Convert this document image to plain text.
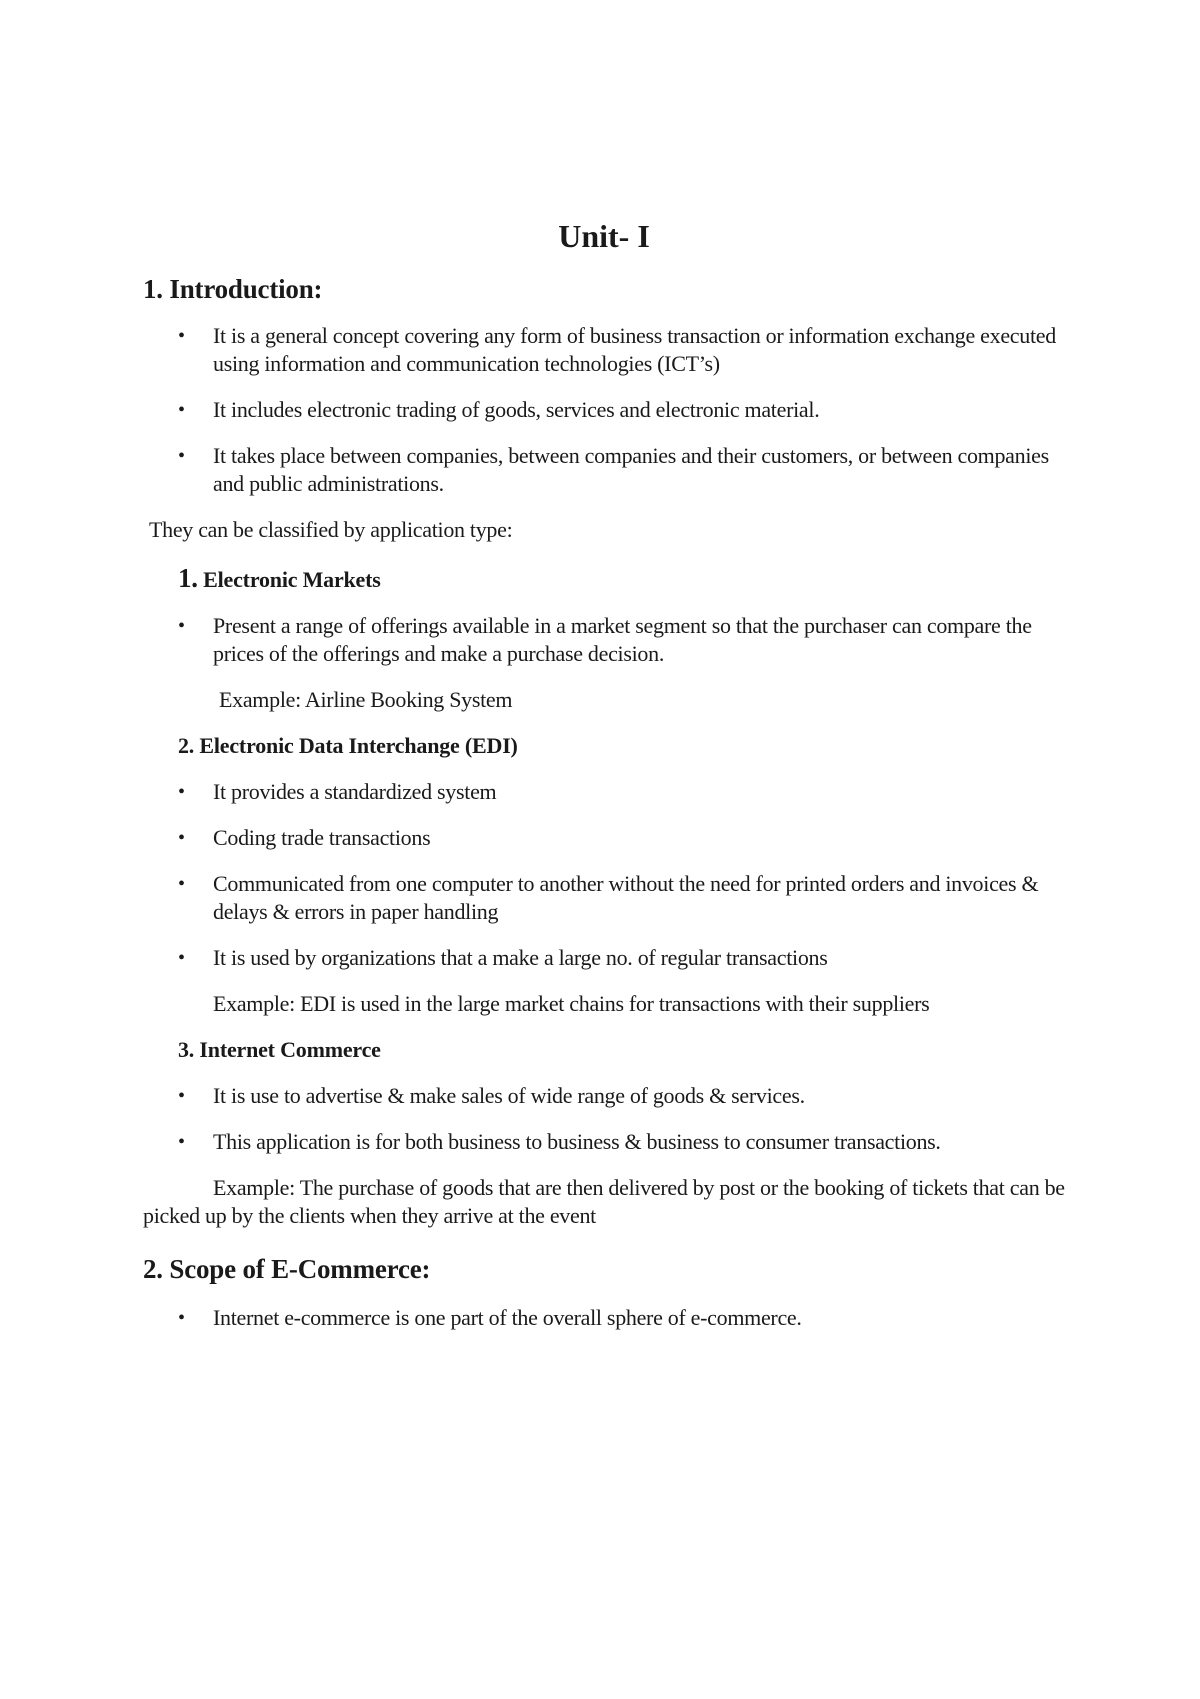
Unit- I
1. Introduction:
• It is a general concept covering any form of business transaction or information exchange executed using information and communication technologies (ICT’s)
• It includes electronic trading of goods, services and electronic material.
• It takes place between companies, between companies and their customers, or between companies and public administrations.

They can be classified by application type:

1. Electronic Markets

• Present a range of offerings available in a market segment so that the purchaser can compare the prices of the offerings and make a purchase decision.

Example: Airline Booking System

2. Electronic Data Interchange (EDI)

• It provides a standardized system
• Coding trade transactions
• Communicated from one computer to another without the need for printed orders and invoices & delays & errors in paper handling
• It is used by organizations that a make a large no. of regular transactions

Example: EDI is used in the large market chains for transactions with their suppliers

3. Internet Commerce

• It is use to advertise & make sales of wide range of goods & services.
• This application is for both business to business & business to consumer transactions.

Example: The purchase of goods that are then delivered by post or the booking of tickets that can be picked up by the clients when they arrive at the event

2. Scope of E-Commerce:
• Internet e-commerce is one part of the overall sphere of e-commerce.
